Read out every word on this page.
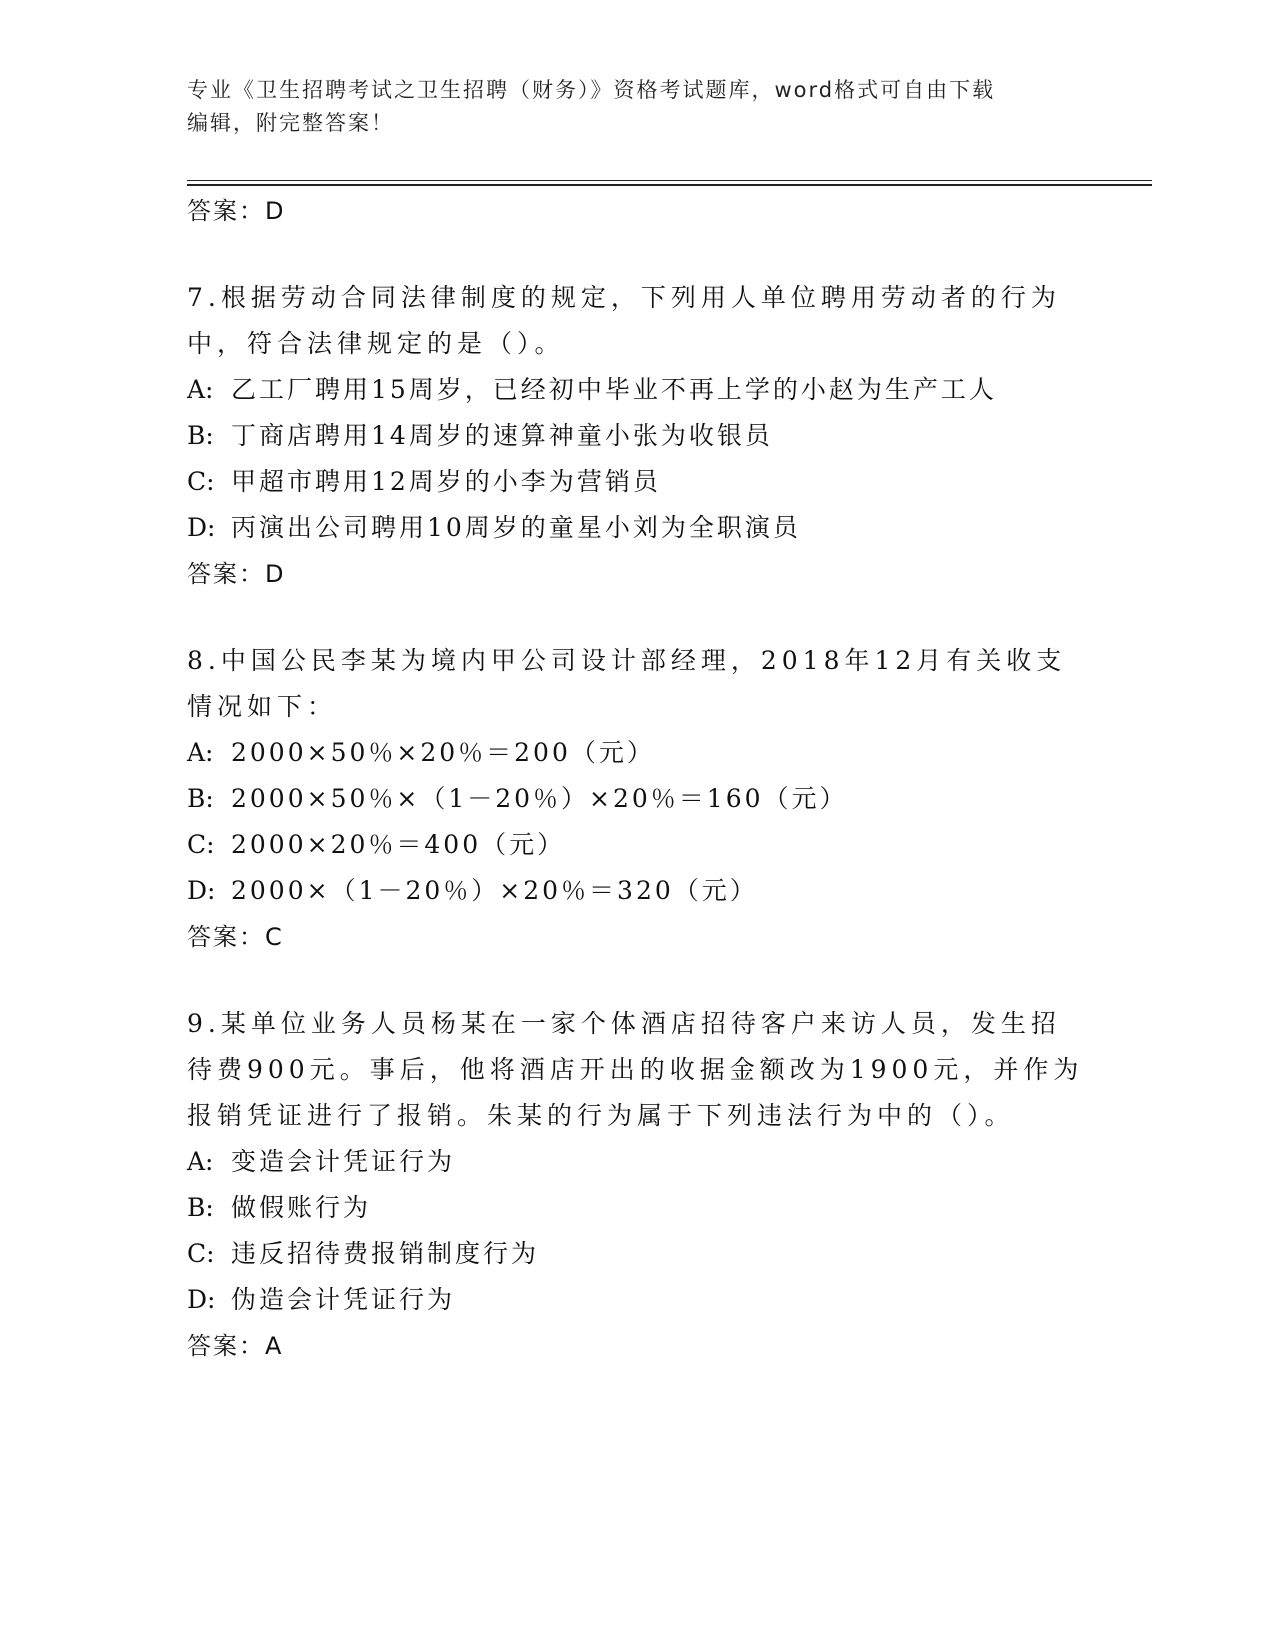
专业《卫生招聘考试之卫生招聘（财务）》资格考试题库，word格式可自由下载
编辑，附完整答案！
答案：D

7.根据劳动合同法律制度的规定，下列用人单位聘用劳动者的行为中，符合法律规定的是（）。

A: 乙工厂聘用15周岁，已经初中毕业不再上学的小赵为生产工人
B: 丁商店聘用14周岁的速算神童小张为收银员
C: 甲超市聘用12周岁的小李为营销员
D: 丙演出公司聘用10周岁的童星小刘为全职演员
答案：D

8.中国公民李某为境内甲公司设计部经理，2018年12月有关收支情况如下：

A: 2000×50％×20％＝200（元）
B: 2000×50％×（1－20％）×20％＝160（元）
C: 2000×20％＝400（元）
D: 2000×（1－20％）×20％＝320（元）
答案：C

9.某单位业务人员杨某在一家个体酒店招待客户来访人员，发生招待费900元。事后，他将酒店开出的收据金额改为1900元，并作为报销凭证进行了报销。朱某的行为属于下列违法行为中的（）。

A: 变造会计凭证行为
B: 做假账行为
C: 违反招待费报销制度行为
D: 伪造会计凭证行为
答案：A
